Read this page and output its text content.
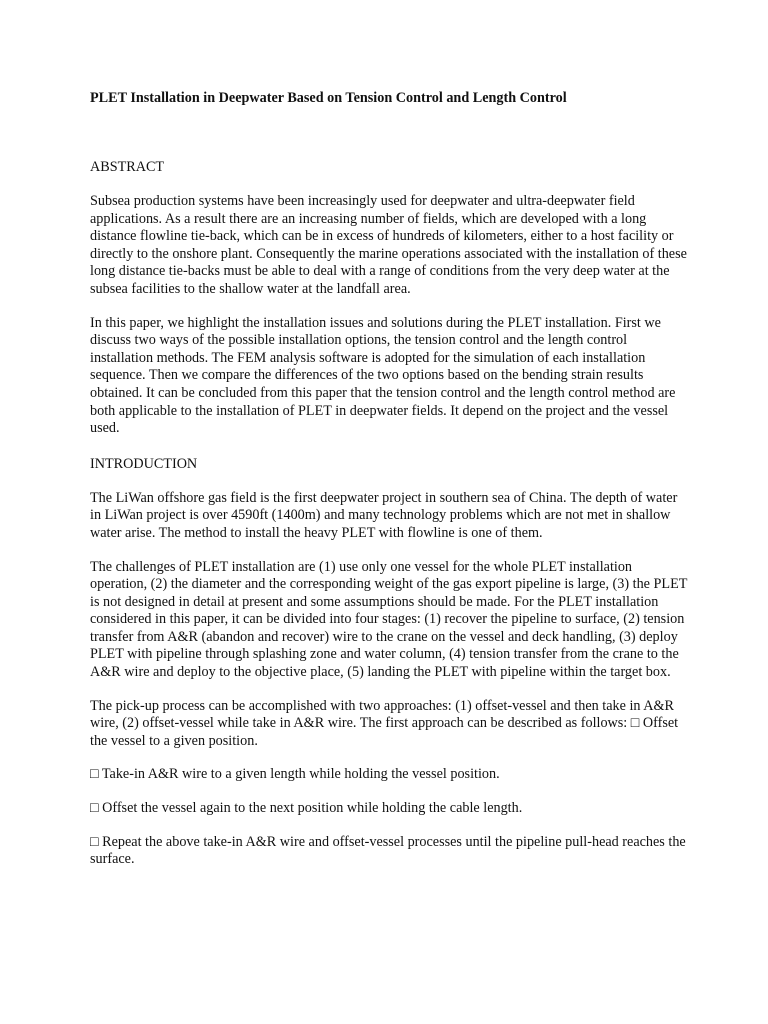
PLET Installation in Deepwater Based on Tension Control and Length Control
ABSTRACT

Subsea production systems have been increasingly used for deepwater and ultra-deepwater field applications. As a result there are an increasing number of fields, which are developed with a long distance flowline tie-back, which can be in excess of hundreds of kilometers, either to a host facility or directly to the onshore plant. Consequently the marine operations associated with the installation of these long distance tie-backs must be able to deal with a range of conditions from the very deep water at the subsea facilities to the shallow water at the landfall area.

In this paper, we highlight the installation issues and solutions during the PLET installation. First we discuss two ways of the possible installation options, the tension control and the length control installation methods. The FEM analysis software is adopted for the simulation of each installation sequence. Then we compare the differences of the two options based on the bending strain results obtained. It can be concluded from this paper that the tension control and the length control method are both applicable to the installation of PLET in deepwater fields. It depend on the project and the vessel used.

INTRODUCTION

The LiWan offshore gas field is the first deepwater project in southern sea of China. The depth of water in LiWan project is over 4590ft (1400m) and many technology problems which are not met in shallow water arise. The method to install the heavy PLET with flowline is one of them.

The challenges of PLET installation are (1) use only one vessel for the whole PLET installation operation, (2) the diameter and the corresponding weight of the gas export pipeline is large, (3) the PLET is not designed in detail at present and some assumptions should be made. For the PLET installation considered in this paper, it can be divided into four stages: (1) recover the pipeline to surface, (2) tension transfer from A&R (abandon and recover) wire to the crane on the vessel and deck handling, (3) deploy PLET with pipeline through splashing zone and water column, (4) tension transfer from the crane to the A&R wire and deploy to the objective place, (5) landing the PLET with pipeline within the target box.

The pick-up process can be accomplished with two approaches: (1) offset-vessel and then take in A&R wire, (2) offset-vessel while take in A&R wire. The first approach can be described as follows: □ Offset the vessel to a given position.

□ Take-in A&R wire to a given length while holding the vessel position.

□ Offset the vessel again to the next position while holding the cable length.

□ Repeat the above take-in A&R wire and offset-vessel processes until the pipeline pull-head reaches the surface.
